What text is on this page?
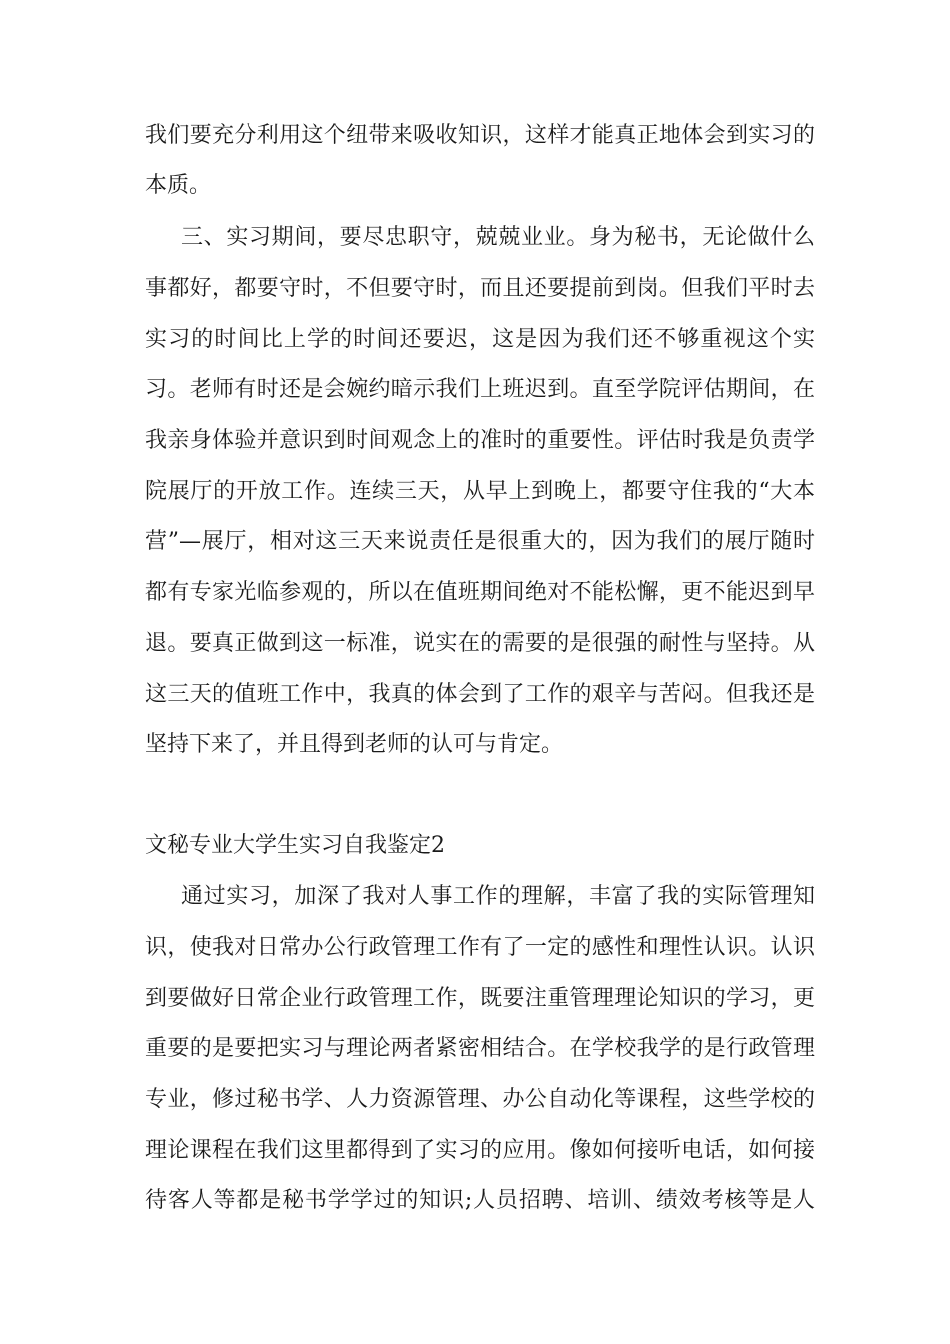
我们要充分利用这个纽带来吸收知识，这样才能真正地体会到实习的

本质。

三、实习期间，要尽忠职守，兢兢业业。身为秘书，无论做什么

事都好，都要守时，不但要守时，而且还要提前到岗。但我们平时去

实习的时间比上学的时间还要迟，这是因为我们还不够重视这个实

习。老师有时还是会婉约暗示我们上班迟到。直至学院评估期间，在

我亲身体验并意识到时间观念上的准时的重要性。评估时我是负责学

院展厅的开放工作。连续三天，从早上到晚上，都要守住我的“大本

营”—展厅，相对这三天来说责任是很重大的，因为我们的展厅随时

都有专家光临参观的，所以在值班期间绝对不能松懈，更不能迟到早

退。要真正做到这一标准，说实在的需要的是很强的耐性与坚持。从

这三天的值班工作中，我真的体会到了工作的艰辛与苦闷。但我还是

坚持下来了，并且得到老师的认可与肯定。

文秘专业大学生实习自我鉴定2

通过实习，加深了我对人事工作的理解，丰富了我的实际管理知

识，使我对日常办公行政管理工作有了一定的感性和理性认识。认识

到要做好日常企业行政管理工作，既要注重管理理论知识的学习，更

重要的是要把实习与理论两者紧密相结合。在学校我学的是行政管理

专业，修过秘书学、人力资源管理、办公自动化等课程，这些学校的

理论课程在我们这里都得到了实习的应用。像如何接听电话，如何接

待客人等都是秘书学学过的知识;人员招聘、培训、绩效考核等是人
